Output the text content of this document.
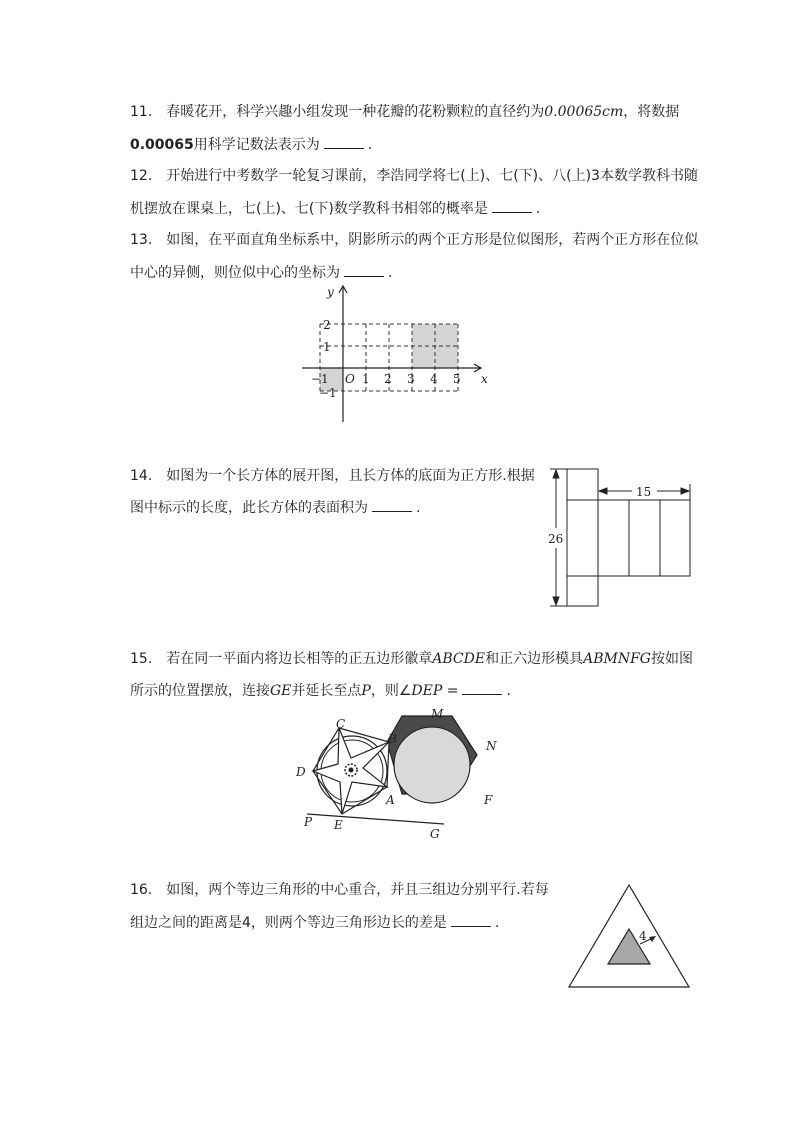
11. 春暖花开，科学兴趣小组发现一种花瓣的花粉颗粒的直径约为0.00065cm，将数据
0.00065用科学记数法表示为	.
12. 开始进行中考数学一轮复习课前，李浩同学将七(上)、七(下)、八(上)3本数学教科书随
机摆放在课桌上，七(上)、七(下)数学教科书相邻的概率是	.
13. 如图，在平面直角坐标系中，阴影所示的两个正方形是位似图形，若两个正方形在位似
中心的异侧，则位似中心的坐标为	.
x
y
O
−1	1 2 3 4 5
2
1
−1
14. 如图为一个长方体的展开图，且长方体的底面为正方形.根据
图中标示的长度，此长方体的表面积为	.
15
26
15. 若在同一平面内将边长相等的正五边形徽章ABCDE和正六边形模具ABMNFG按如图
所示的位置摆放，连接GE并延长至点P，则∠DEP =	.
C
B
M
N
D
A	F
P E
G
16. 如图，两个等边三角形的中心重合，并且三组边分别平行.若每
组边之间的距离是4，则两个等边三角形边长的差是	.
4
